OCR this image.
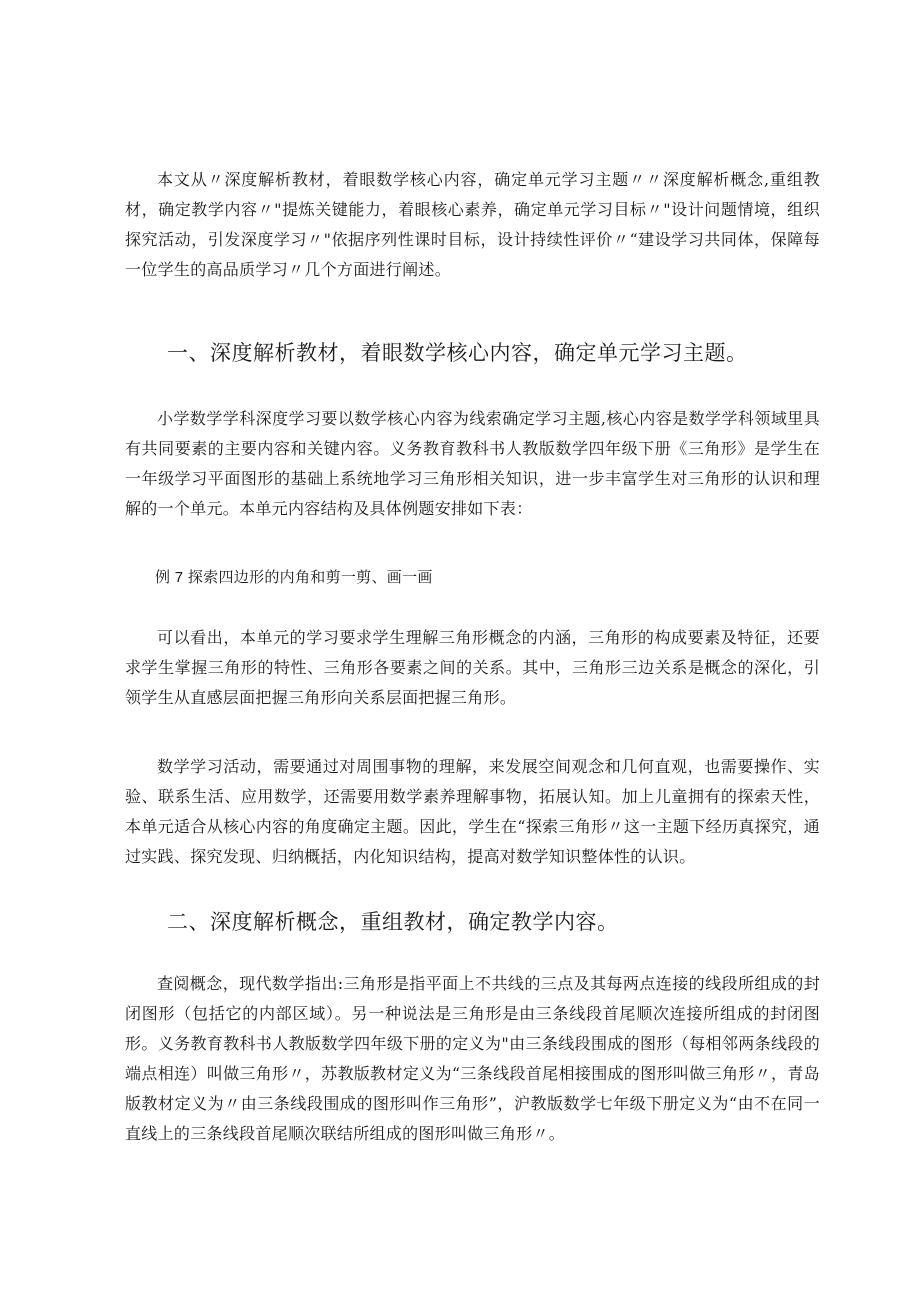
本文从〃深度解析教材，着眼数学核心内容，确定单元学习主题〃〃深度解析概念,重组教材，确定教学内容〃"提炼关键能力，着眼核心素养，确定单元学习目标〃"设计问题情境，组织探究活动，引发深度学习〃"依据序列性课时目标，设计持续性评价〃“建设学习共同体，保障每一位学生的高品质学习〃几个方面进行阐述。

一、深度解析教材，着眼数学核心内容，确定单元学习主题。

小学数学学科深度学习要以数学核心内容为线索确定学习主题,核心内容是数学学科领域里具有共同要素的主要内容和关键内容。义务教育教科书人教版数学四年级下册《三角形》是学生在一年级学习平面图形的基础上系统地学习三角形相关知识，进一步丰富学生对三角形的认识和理解的一个单元。本单元内容结构及具体例题安排如下表：

例 7 探索四边形的内角和剪一剪、画一画

可以看出，本单元的学习要求学生理解三角形概念的内涵，三角形的构成要素及特征，还要求学生掌握三角形的特性、三角形各要素之间的关系。其中，三角形三边关系是概念的深化，引领学生从直感层面把握三角形向关系层面把握三角形。

数学学习活动，需要通过对周围事物的理解，来发展空间观念和几何直观，也需要操作、实验、联系生活、应用数学，还需要用数学素养理解事物，拓展认知。加上儿童拥有的探索天性，本单元适合从核心内容的角度确定主题。因此，学生在“探索三角形〃这一主题下经历真探究，通过实践、探究发现、归纳概括，内化知识结构，提高对数学知识整体性的认识。

二、深度解析概念，重组教材，确定教学内容。

查阅概念，现代数学指出:三角形是指平面上不共线的三点及其每两点连接的线段所组成的封闭图形（包括它的内部区域）。另一种说法是三角形是由三条线段首尾顺次连接所组成的封闭图形。义务教育教科书人教版数学四年级下册的定义为"由三条线段围成的图形（每相邻两条线段的端点相连）叫做三角形〃，苏教版教材定义为“三条线段首尾相接围成的图形叫做三角形〃，青岛版教材定义为〃由三条线段围成的图形叫作三角形”，沪教版数学七年级下册定义为“由不在同一直线上的三条线段首尾顺次联结所组成的图形叫做三角形〃。
